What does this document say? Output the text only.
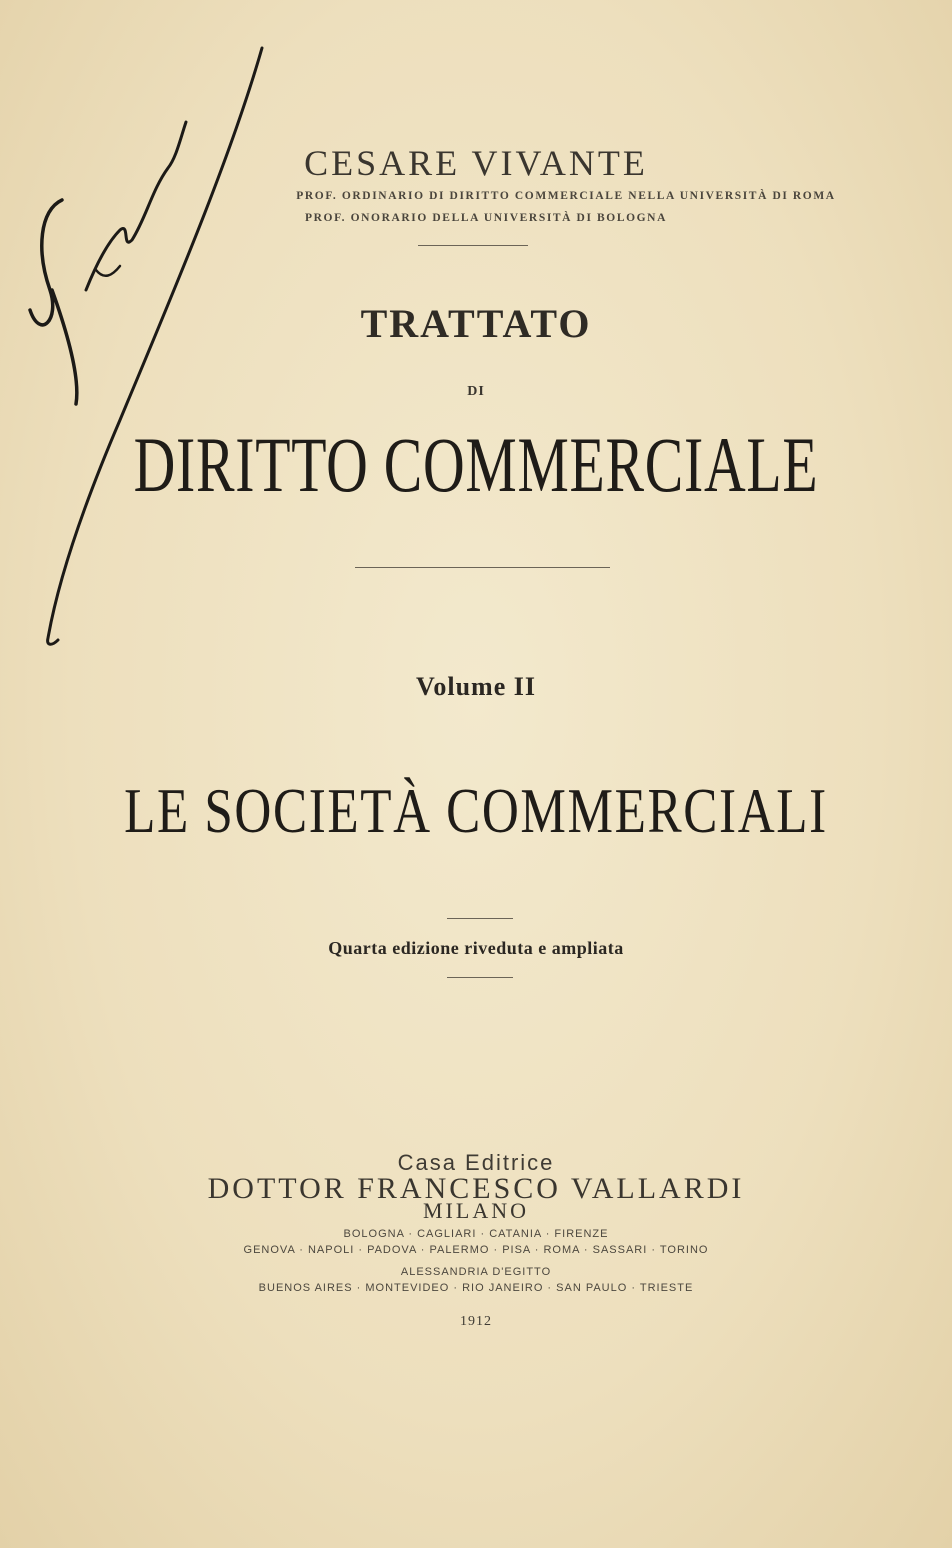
CESARE VIVANTE
PROF. ORDINARIO DI DIRITTO COMMERCIALE NELLA UNIVERSITÀ DI ROMA
PROF. ONORARIO DELLA UNIVERSITÀ DI BOLOGNA
TRATTATO
DI
DIRITTO COMMERCIALE
Volume II
LE SOCIETÀ COMMERCIALI
Quarta edizione riveduta e ampliata
Casa Editrice
DOTTOR FRANCESCO VALLARDI
MILANO
BOLOGNA · CAGLIARI · CATANIA · FIRENZE
GENOVA · NAPOLI · PADOVA · PALERMO · PISA · ROMA · SASSARI · TORINO
ALESSANDRIA D'EGITTO
BUENOS AIRES · MONTEVIDEO · RIO JANEIRO · SAN PAULO · TRIESTE
1912
